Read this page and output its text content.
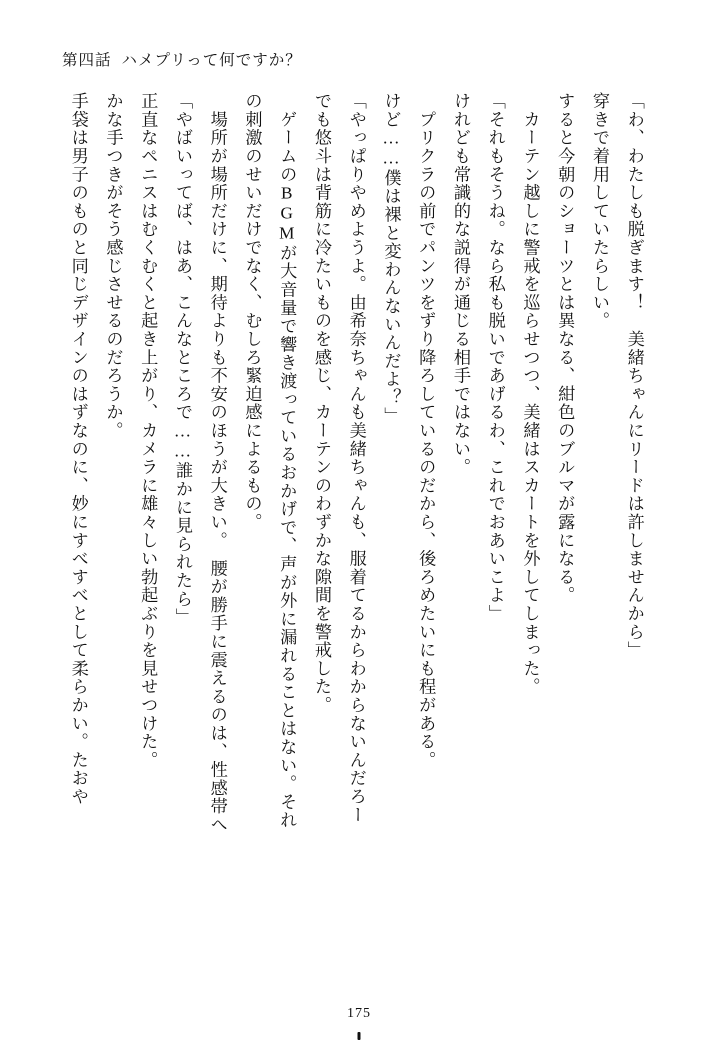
第四話 ハメプリって何ですか？
手袋は男子のものと同じデザインのはずなのに、妙にすべすべとして柔らかい。たおや かな手つきがそう感じさせるのだろうか。 正直なペニスはむくむくと起き上がり、カメラに雄々しい勃起ぶりを見せつけた。 「やばいってば、はあ、こんなところで……誰かに見られたら」 　場所が場所だけに、期待よりも不安のほうが大きい。　腰が勝手に震えるのは、性感帯へ の刺激のせいだけでなく、むしろ緊迫感によるもの。 　ゲームのBGMが大音量で響き渡っているおかげで、声が外に漏れることはない。それ でも悠斗は背筋に冷たいものを感じ、カーテンのわずかな隙間を警戒した。 「やっぱりやめようよ。由希奈ちゃんも美緒ちゃんも、服着てるからわからないんだろー けど……僕は裸と変わんないんだよ？」 　プリクラの前でパンツをずり降ろしているのだから、後ろめたいにも程がある。 けれども常識的な説得が通じる相手ではない。 「それもそうね。なら私も脱いであげるわ、これでおあいこよ」 　カーテン越しに警戒を巡らせつつ、美緒はスカートを外してしまった。 すると今朝のショーツとは異なる、紺色のブルマが露になる。 穿きで着用していたらしい。 「わ、わたしも脱ぎます！　美緒ちゃんにリードは許しませんから」
175
